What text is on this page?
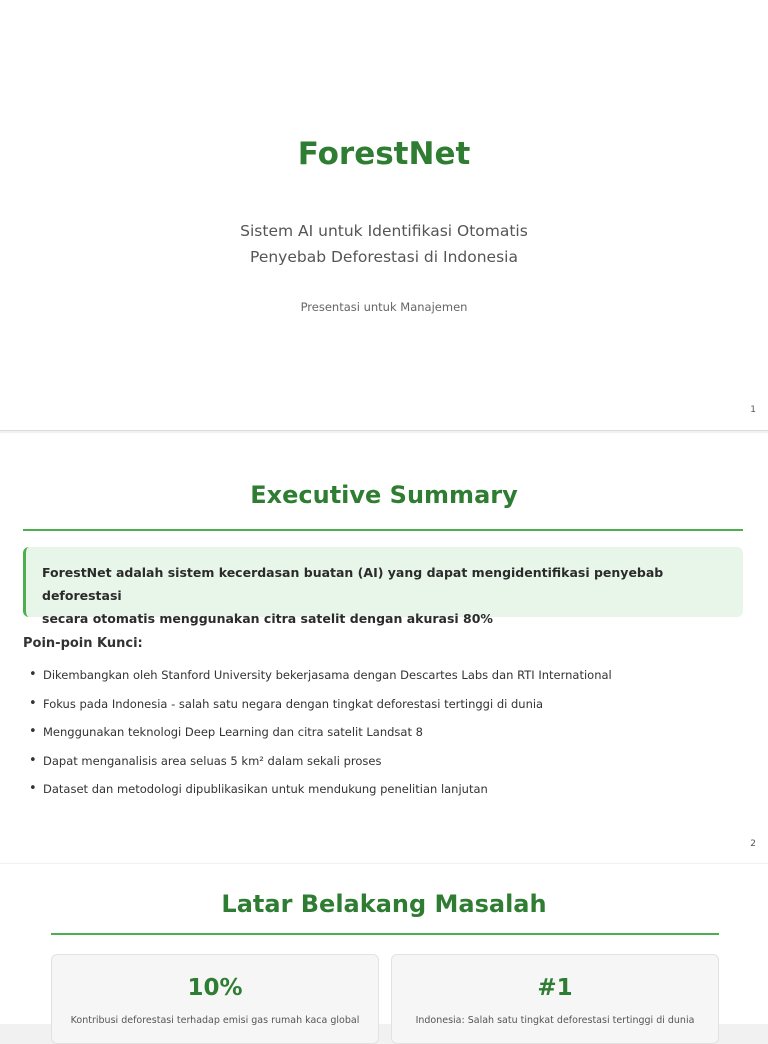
ForestNet
Sistem AI untuk Identifikasi Otomatis
Penyebab Deforestasi di Indonesia
Presentasi untuk Manajemen
1
Executive Summary
ForestNet adalah sistem kecerdasan buatan (AI) yang dapat mengidentifikasi penyebab deforestasi
secara otomatis menggunakan citra satelit dengan akurasi 80%
Poin-poin Kunci:
• Dikembangkan oleh Stanford University bekerjasama dengan Descartes Labs dan RTI International
• Fokus pada Indonesia - salah satu negara dengan tingkat deforestasi tertinggi di dunia
• Menggunakan teknologi Deep Learning dan citra satelit Landsat 8
• Dapat menganalisis area seluas 5 km² dalam sekali proses
• Dataset dan metodologi dipublikasikan untuk mendukung penelitian lanjutan
2
Latar Belakang Masalah
10%
Kontribusi deforestasi terhadap emisi gas rumah kaca global
#1
Indonesia: Salah satu tingkat deforestasi tertinggi di dunia
